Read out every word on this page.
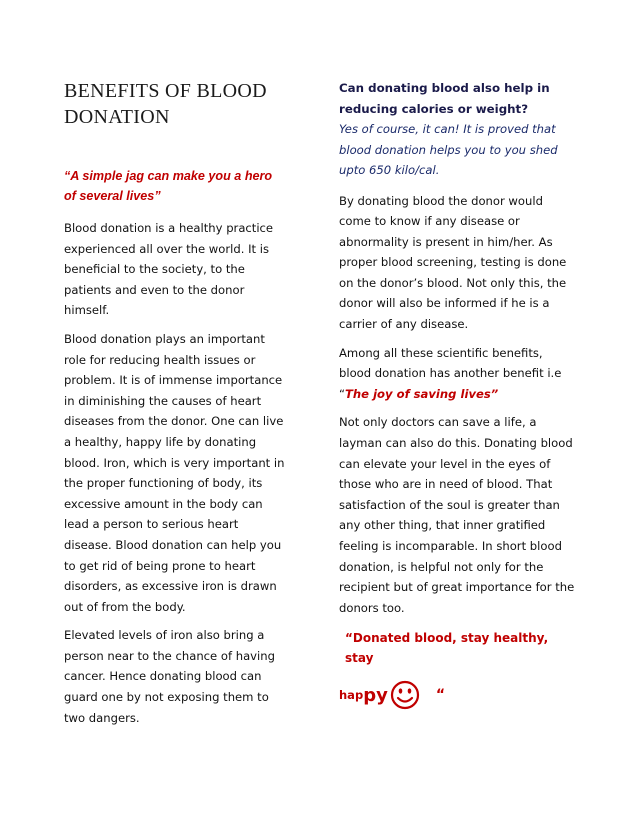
BENEFITS OF BLOOD
DONATION

“A simple jag can make you a hero of several lives”

Blood donation is a healthy practice experienced all over the world. It is beneficial to the society, to the patients and even to the donor himself.

Blood donation plays an important role for reducing health issues or problem. It is of immense importance in diminishing the causes of heart diseases from the donor. One can live a healthy, happy life by donating blood. Iron, which is very important in the proper functioning of body, its excessive amount in the body can lead a person to serious heart disease. Blood donation can help you to get rid of being prone to heart disorders, as excessive iron is drawn out of from the body.

Elevated levels of iron also bring a person near to the chance of having cancer. Hence donating blood can guard one by not exposing them to two dangers.

Can donating blood also help in reducing calories or weight?

Yes of course, it can! It is proved that blood donation helps you to you shed upto 650 kilo/cal.

By donating blood the donor would come to know if any disease or abnormality is present in him/her. As proper blood screening, testing is done on the donor’s blood. Not only this, the donor will also be informed if he is a carrier of any disease.

Among all these scientific benefits, blood donation has another benefit i.e
“The joy of saving lives”

Not only doctors can save a life, a layman can also do this. Donating blood can elevate your level in the eyes of those who are in need of blood. That satisfaction of the soul is greater than any other thing, that inner gratified feeling is incomparable. In short blood donation, is helpful not only for the recipient but of great importance for the donors too.

“Donated blood, stay healthy, stay

hap py	“
